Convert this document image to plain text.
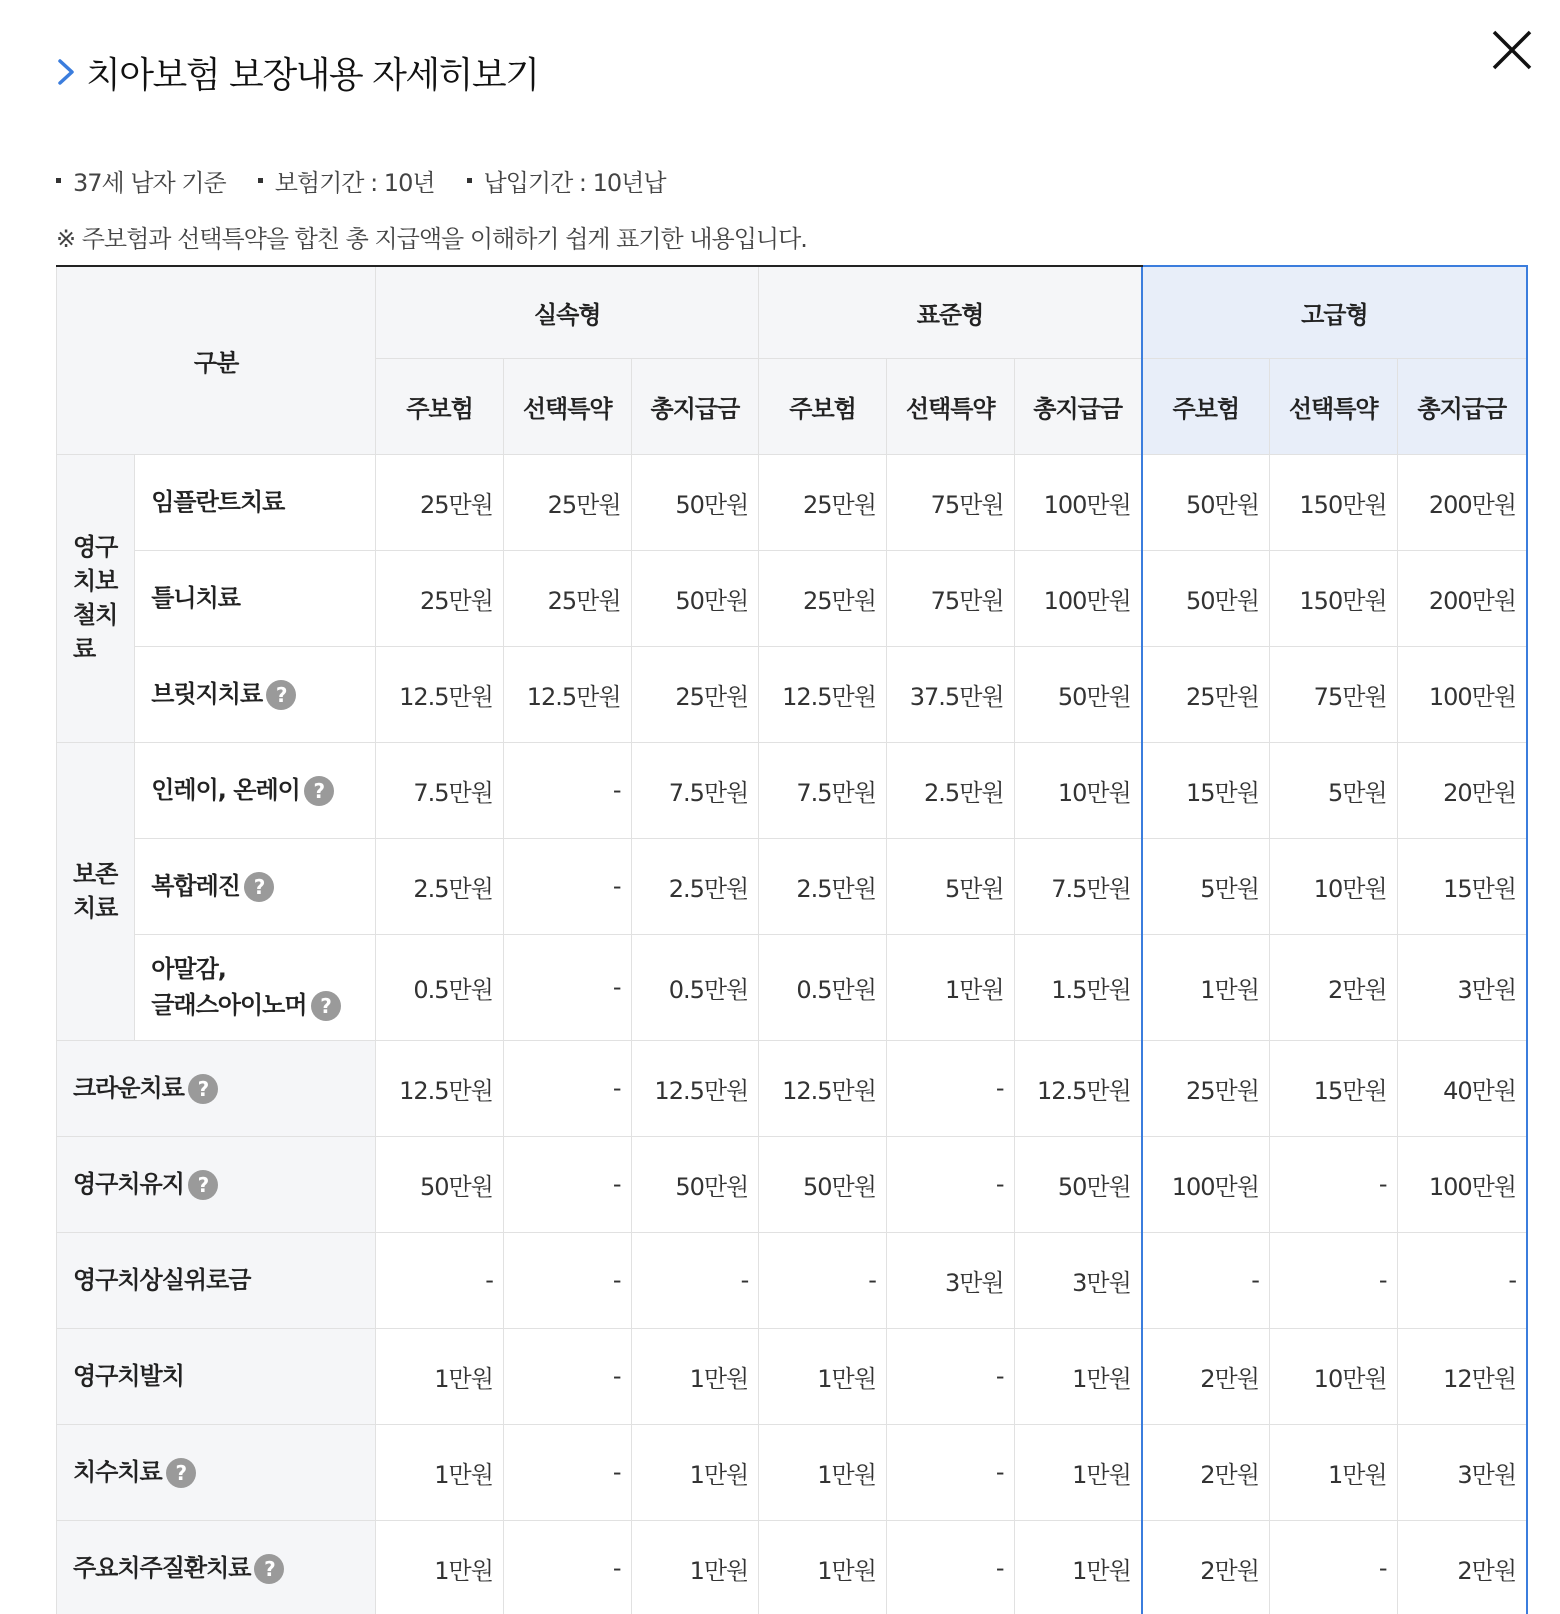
치아보험 보장내용 자세히보기
37세 남자 기준 보험기간 : 10년 납입기간 : 10년납
※ 주보험과 선택특약을 합친 총 지급액을 이해하기 쉽게 표기한 내용입니다.
구분		실속형			표준형			고급형		
		주보험	선택특약	총지급금	주보험	선택특약	총지급금	주보험	선택특약	총지급금
영구
치보
철치
료	임플란트치료	25만원	25만원	50만원	25만원	75만원	100만원	50만원	150만원	200만원
	틀니치료	25만원	25만원	50만원	25만원	75만원	100만원	50만원	150만원	200만원
	브릿지치료 ?	12.5만원	12.5만원	25만원	12.5만원	37.5만원	50만원	25만원	75만원	100만원
보존
치료	인레이, 온레이 ?	7.5만원	-	7.5만원	7.5만원	2.5만원	10만원	15만원	5만원	20만원
	복합레진 ?	2.5만원	-	2.5만원	2.5만원	5만원	7.5만원	5만원	10만원	15만원
	아말감,
글래스아이노머 ?	0.5만원	-	0.5만원	0.5만원	1만원	1.5만원	1만원	2만원	3만원
크라운치료 ?		12.5만원	-	12.5만원	12.5만원	-	12.5만원	25만원	15만원	40만원
영구치유지 ?		50만원	-	50만원	50만원	-	50만원	100만원	-	100만원
영구치상실위로금		-	-	-	-	3만원	3만원	-	-	-
영구치발치		1만원	-	1만원	1만원	-	1만원	2만원	10만원	12만원
치수치료 ?		1만원	-	1만원	1만원	-	1만원	2만원	1만원	3만원
주요치주질환치료 ?		1만원	-	1만원	1만원	-	1만원	2만원	-	2만원
